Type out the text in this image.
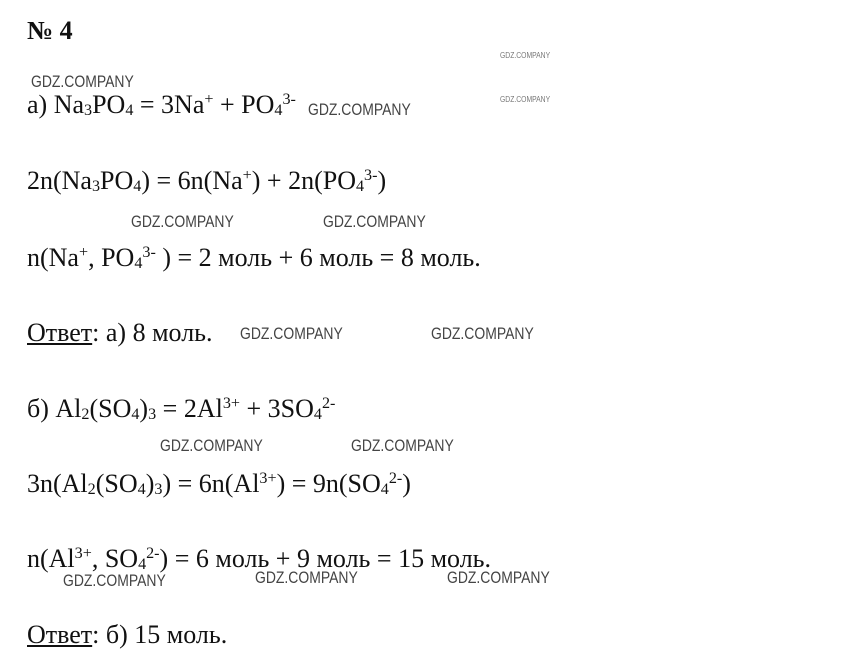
№ 4
а) $Na_3PO_4 = 3Na^+ + PO_4^{3-}$
$2n(Na_3PO_4) = 6n(Na^+) + 2n(PO_4^{3-})$
n(Na+, $PO_4^{3-}$ ) = 2 моль + 6 моль = 8 моль.
Ответ: а) 8 моль.
б) $Al_2(SO_4)_3 = 2Al^{3+} + 3SO_4^{2-}$
$3n(Al_2(SO_4)_3) = 6n(Al^{3+}) = 9n(SO_4^{2-})$
$n(Al^{3+}$, $SO_4^{2-}) = 6$ моль + 9 моль = 15 моль.
Ответ: б) 15 моль.
GDZ.COMPANY
GDZ.COMPANY
GDZ.COMPANY
GDZ.COMPANY
GDZ.COMPANY	GDZ.COMPANY
GDZ.COMPANY	GDZ.COMPANY
GDZ.COMPANY	GDZ.COMPANY
GDZ.COMPANY	GDZ.COMPANY	GDZ.COMPANY
